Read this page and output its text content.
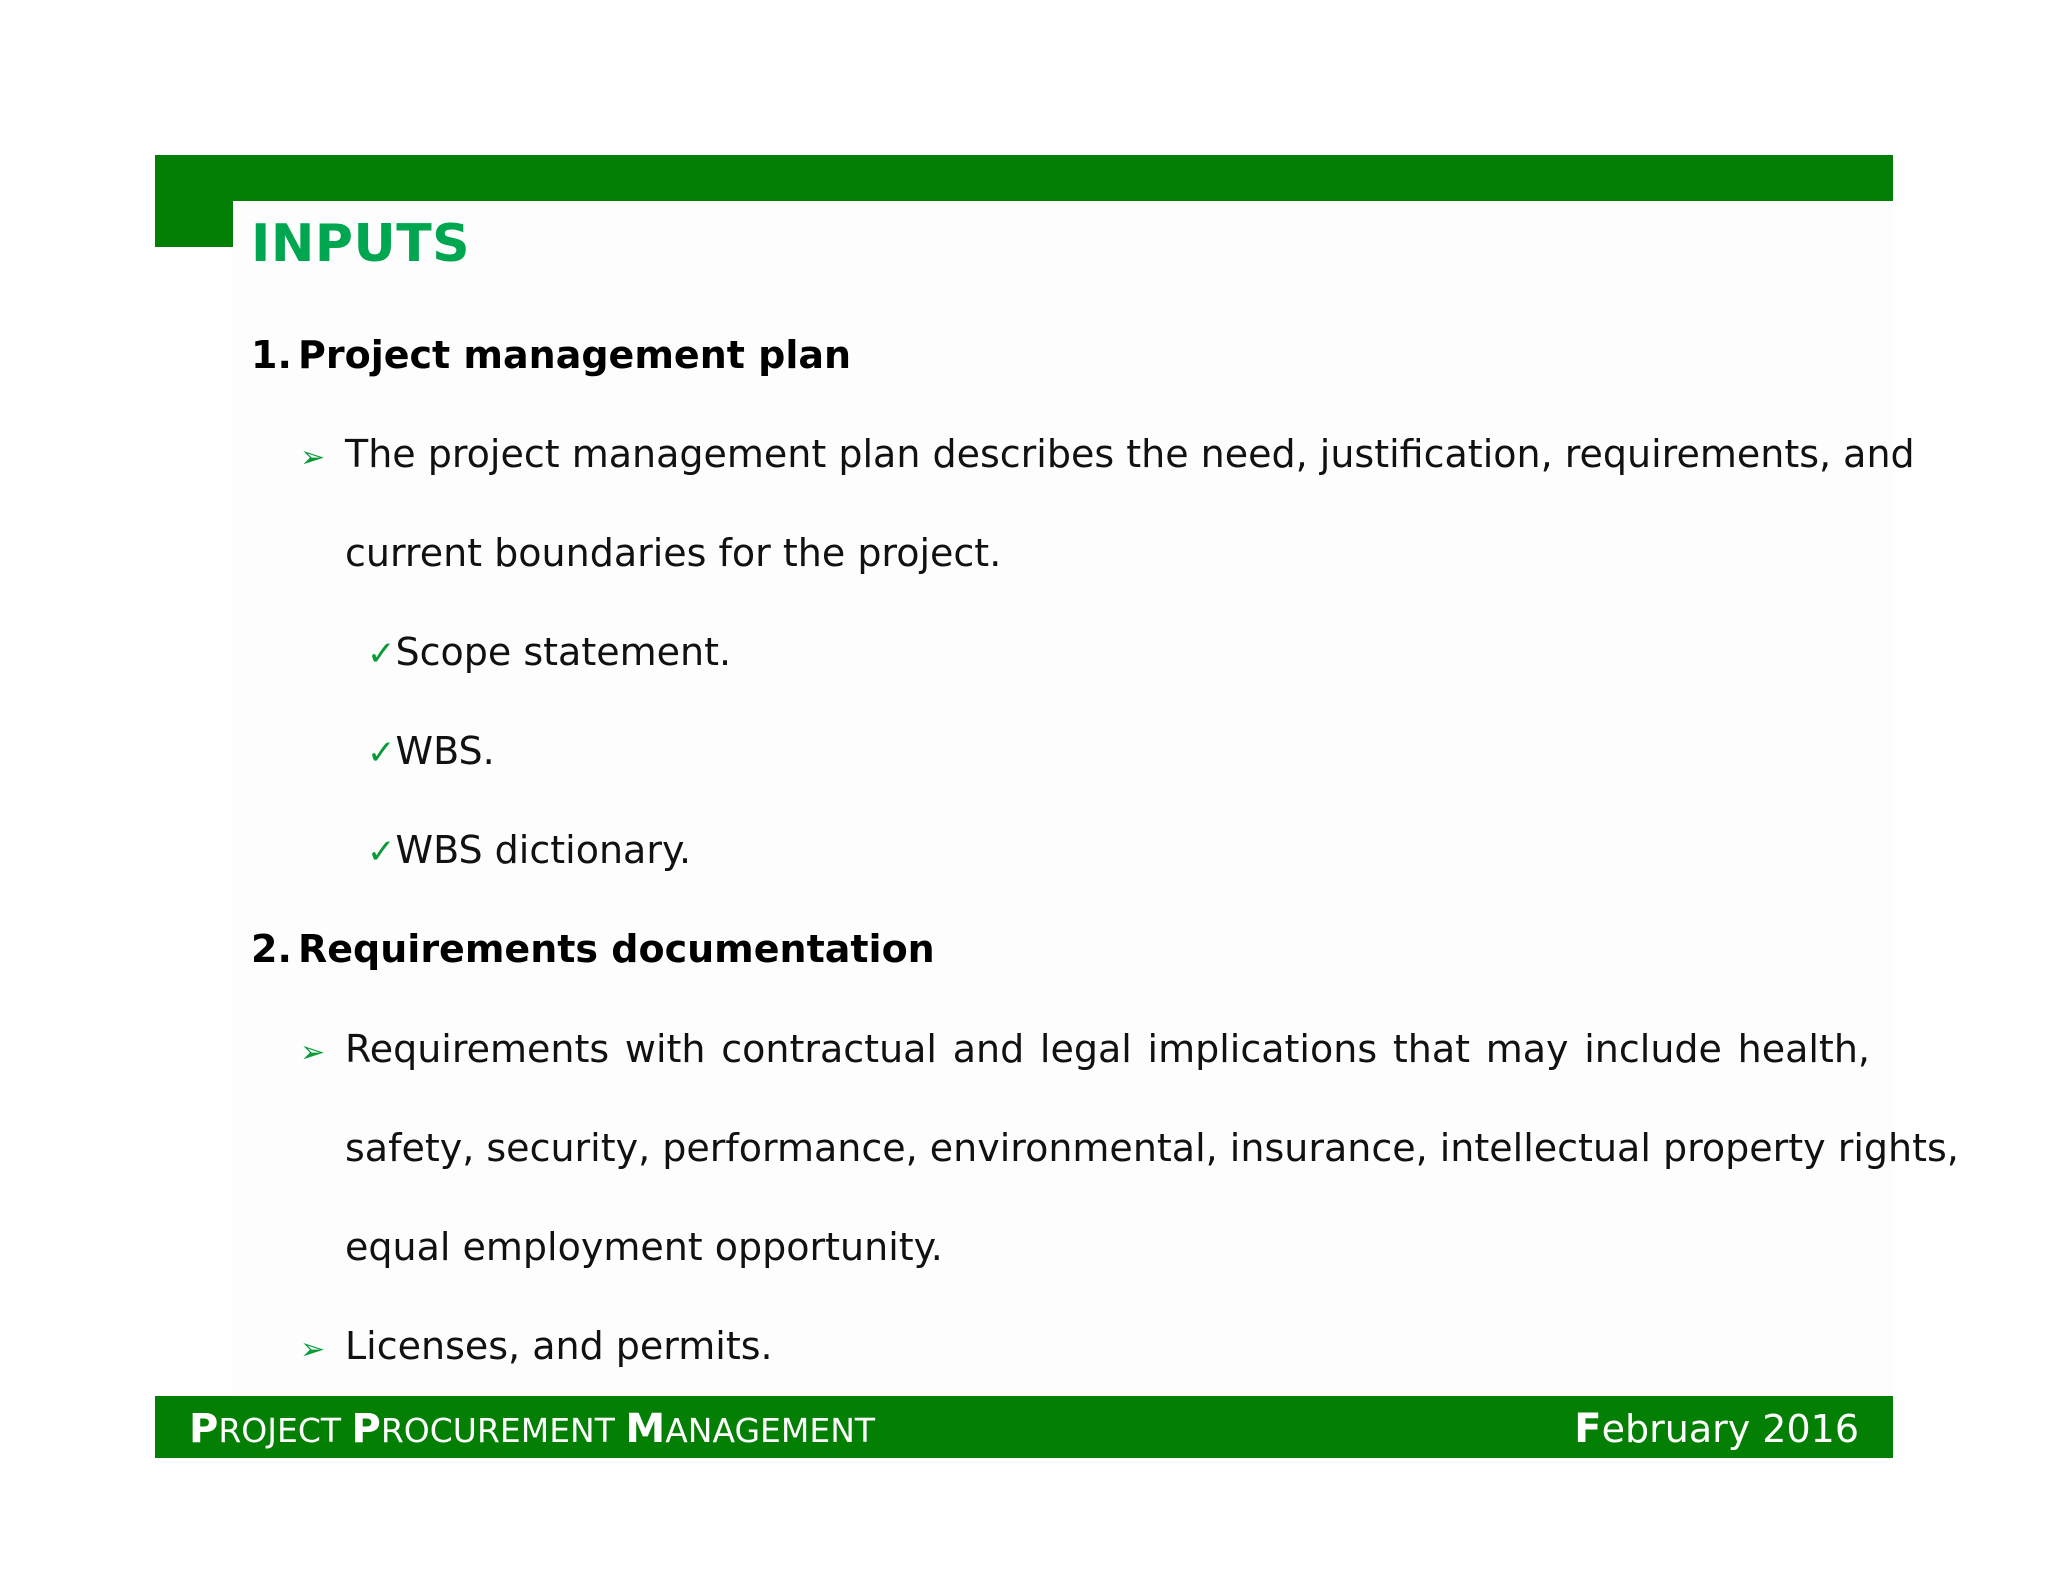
INPUTS
1. Project management plan
➢ The project management plan describes the need, justification, requirements, and
current boundaries for the project.
✓Scope statement.
✓WBS.
✓WBS dictionary.
2. Requirements documentation
➢ Requirements with contractual and legal implications that may include health,
safety, security, performance, environmental, insurance, intellectual property rights,
equal employment opportunity.
➢ Licenses, and permits.
PROJECT PROCUREMENT MANAGEMENT	February 2016
